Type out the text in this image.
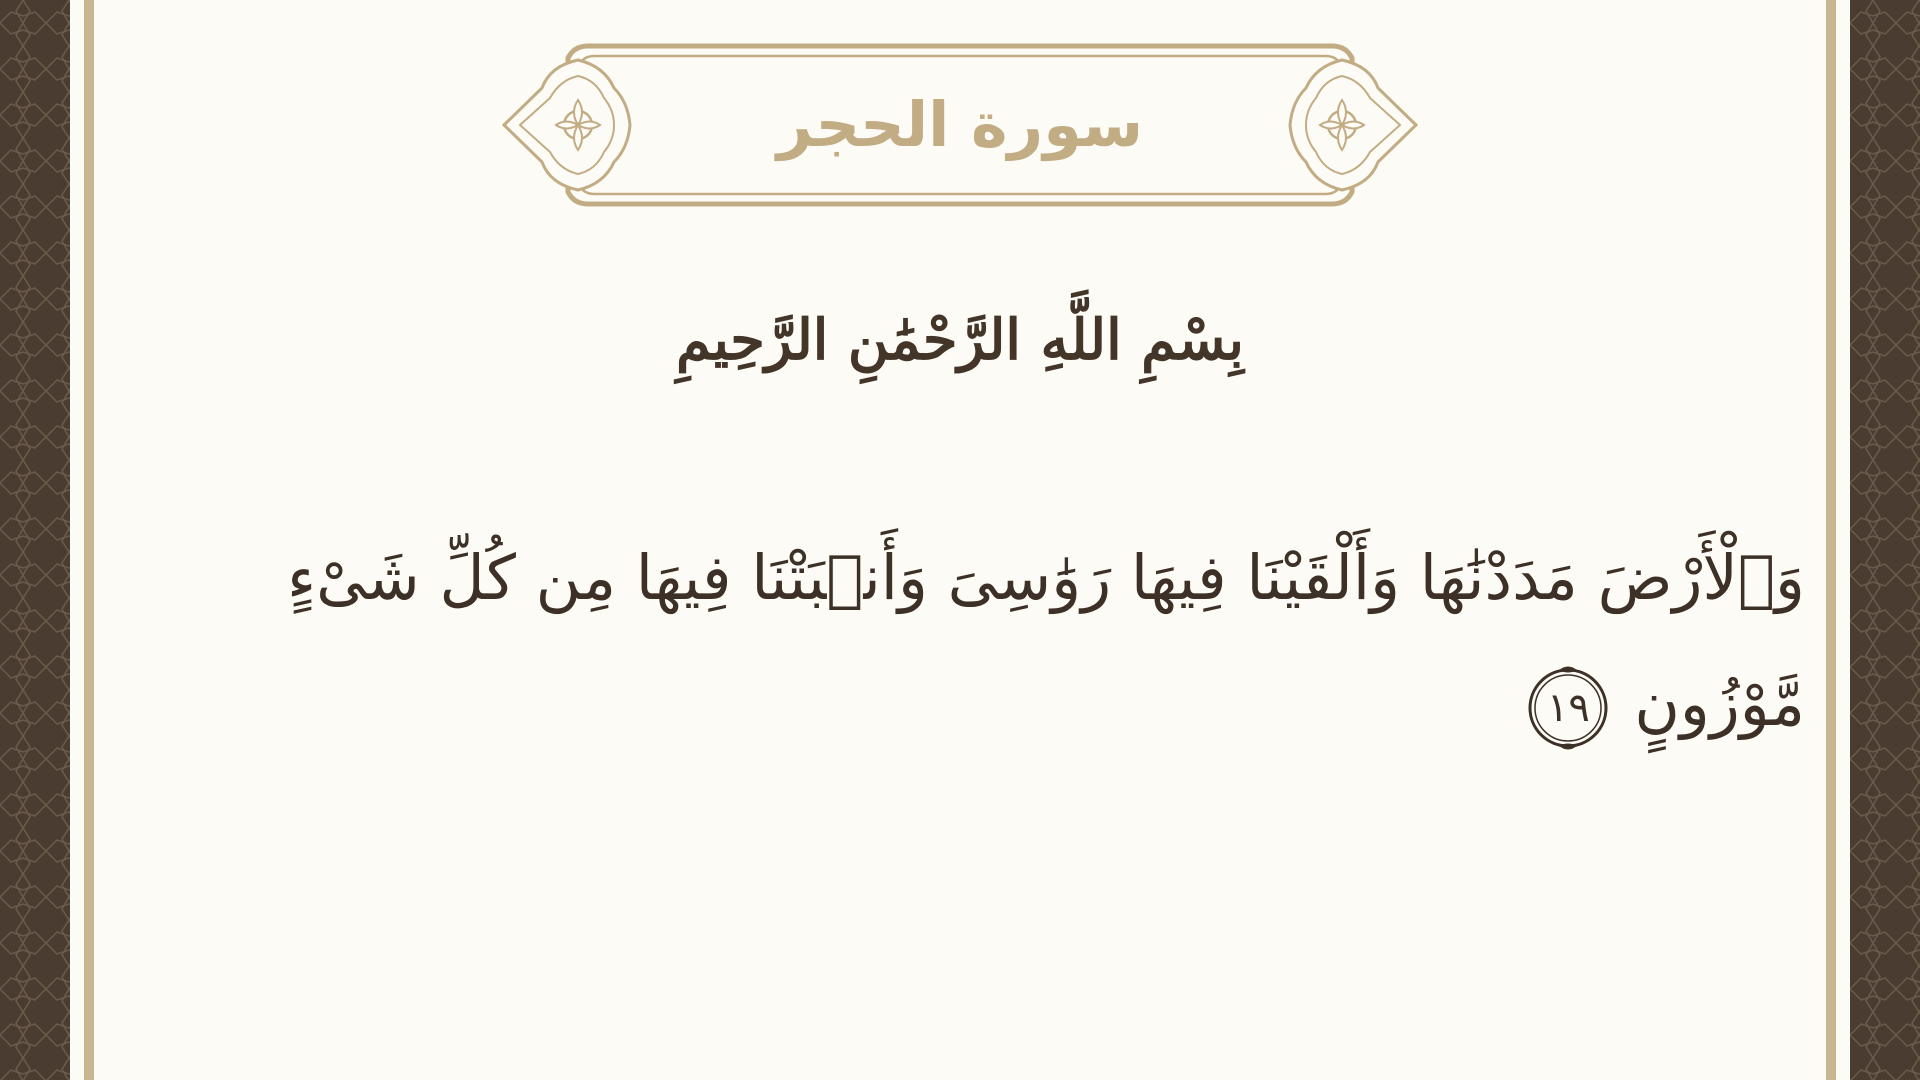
سورة الحجر
بِسْمِ اللَّهِ الرَّحْمَٰنِ الرَّحِيمِ
وَٱلْأَرْضَ مَدَدْنَٰهَا وَأَلْقَيْنَا فِيهَا رَوَٰسِىَ وَأَنۢبَتْنَا فِيهَا مِن كُلِّ شَىْءٍ
مَّوْزُونٍ
١٩
